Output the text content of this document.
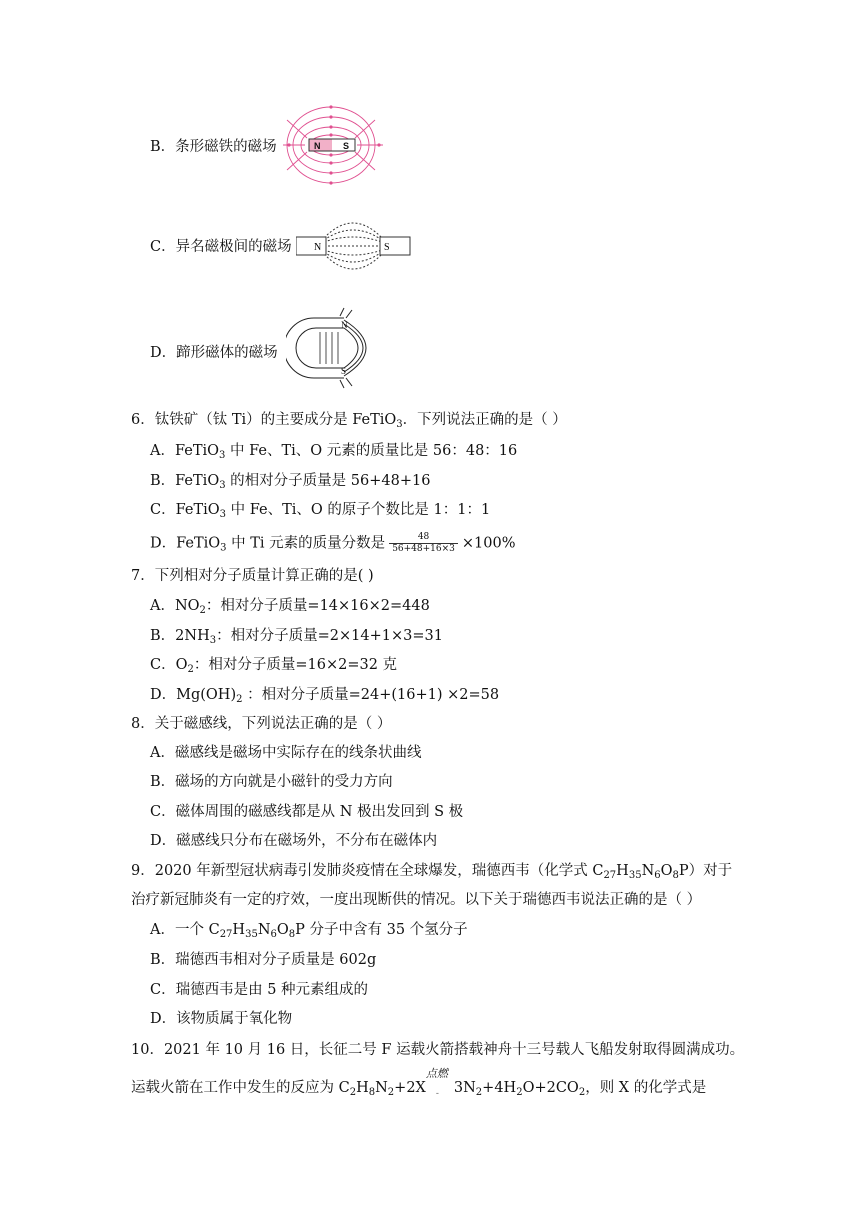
B．条形磁铁的磁场	N	S
C．异名磁极间的磁场 N	S
D．蹄形磁体的磁场
N
S
6．钛铁矿（钛 Ti）的主要成分是 FeTiO$_3$．下列说法正确的是（ ）
A．FeTiO$_3$ 中 Fe、Ti、O 元素的质量比是 56：48：16
B．FeTiO$_3$ 的相对分子质量是 56+48+16
C．FeTiO$_3$ 中 Fe、Ti、O 的原子个数比是 1：1：1
D．FeTiO$_3$ 中 Ti 元素的质量分数是 $\frac{48}{56+48+16\times 3} \times 100\%$
7．下列相对分子质量计算正确的是( )
A．$NO_2$：相对分子质量=14×16×2=448
B．$2NH_3$：相对分子质量=2×14+1×3=31
C．$O_2$：相对分子质量=16×2=32 克
D．$Mg(OH)_2$ ：相对分子质量=24+(16+1) ×2=58
8．关于磁感线，下列说法正确的是（ ）
A．磁感线是磁场中实际存在的线条状曲线
B．磁场的方向就是小磁针的受力方向
C．磁体周围的磁感线都是从 N 极出发回到 S 极
D．磁感线只分布在磁场外，不分布在磁体内
9．2020 年新型冠状病毒引发肺炎疫情在全球爆发，瑞德西韦（化学式 $C_{27}H_{35}N_6O_8P$）对于
治疗新冠肺炎有一定的疗效，一度出现断供的情况。以下关于瑞德西韦说法正确的是（ ）
A．一个 $C_{27}H_{35}N_6O_8P$ 分子中含有 35 个氢分子
B．瑞德西韦相对分子质量是 602g
C．瑞德西韦是由 5 种元素组成的
D．该物质属于氧化物
10．2021 年 10 月 16 日，长征二号 F 运载火箭搭载神舟十三号载人飞船发射取得圆满成功。
运载火箭在工作中发生的反应为 $C_2H_8N_2+2X$
点燃
- $3N_2+4H_2O+2CO_2$，则 X 的化学式是
